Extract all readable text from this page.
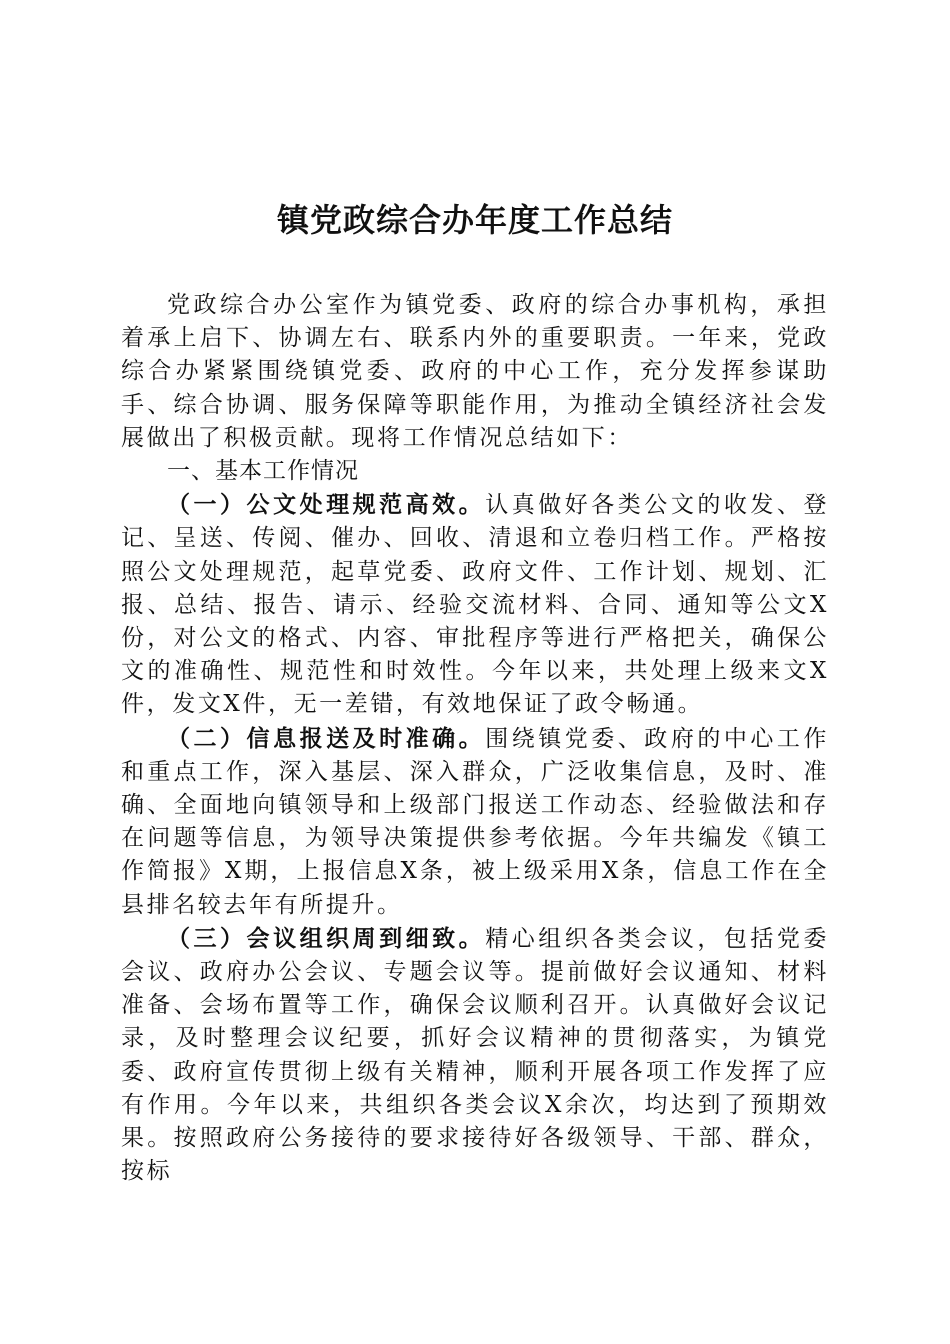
镇党政综合办年度工作总结

党政综合办公室作为镇党委、政府的综合办事机构，承担着承上启下、协调左右、联系内外的重要职责。一年来，党政综合办紧紧围绕镇党委、政府的中心工作，充分发挥参谋助手、综合协调、服务保障等职能作用，为推动全镇经济社会发展做出了积极贡献。现将工作情况总结如下：

一、基本工作情况

（一）公文处理规范高效。认真做好各类公文的收发、登记、呈送、传阅、催办、回收、清退和立卷归档工作。严格按照公文处理规范，起草党委、政府文件、工作计划、规划、汇报、总结、报告、请示、经验交流材料、合同、通知等公文X份，对公文的格式、内容、审批程序等进行严格把关，确保公文的准确性、规范性和时效性。今年以来，共处理上级来文X件，发文X件，无一差错，有效地保证了政令畅通。

（二）信息报送及时准确。围绕镇党委、政府的中心工作和重点工作，深入基层、深入群众，广泛收集信息，及时、准确、全面地向镇领导和上级部门报送工作动态、经验做法和存在问题等信息，为领导决策提供参考依据。今年共编发《镇工作简报》X期，上报信息X条，被上级采用X条，信息工作在全县排名较去年有所提升。

（三）会议组织周到细致。精心组织各类会议，包括党委会议、政府办公会议、专题会议等。提前做好会议通知、材料准备、会场布置等工作，确保会议顺利召开。认真做好会议记录，及时整理会议纪要，抓好会议精神的贯彻落实，为镇党委、政府宣传贯彻上级有关精神，顺利开展各项工作发挥了应有作用。今年以来，共组织各类会议X余次，均达到了预期效果。按照政府公务接待的要求接待好各级领导、干部、群众，按标
